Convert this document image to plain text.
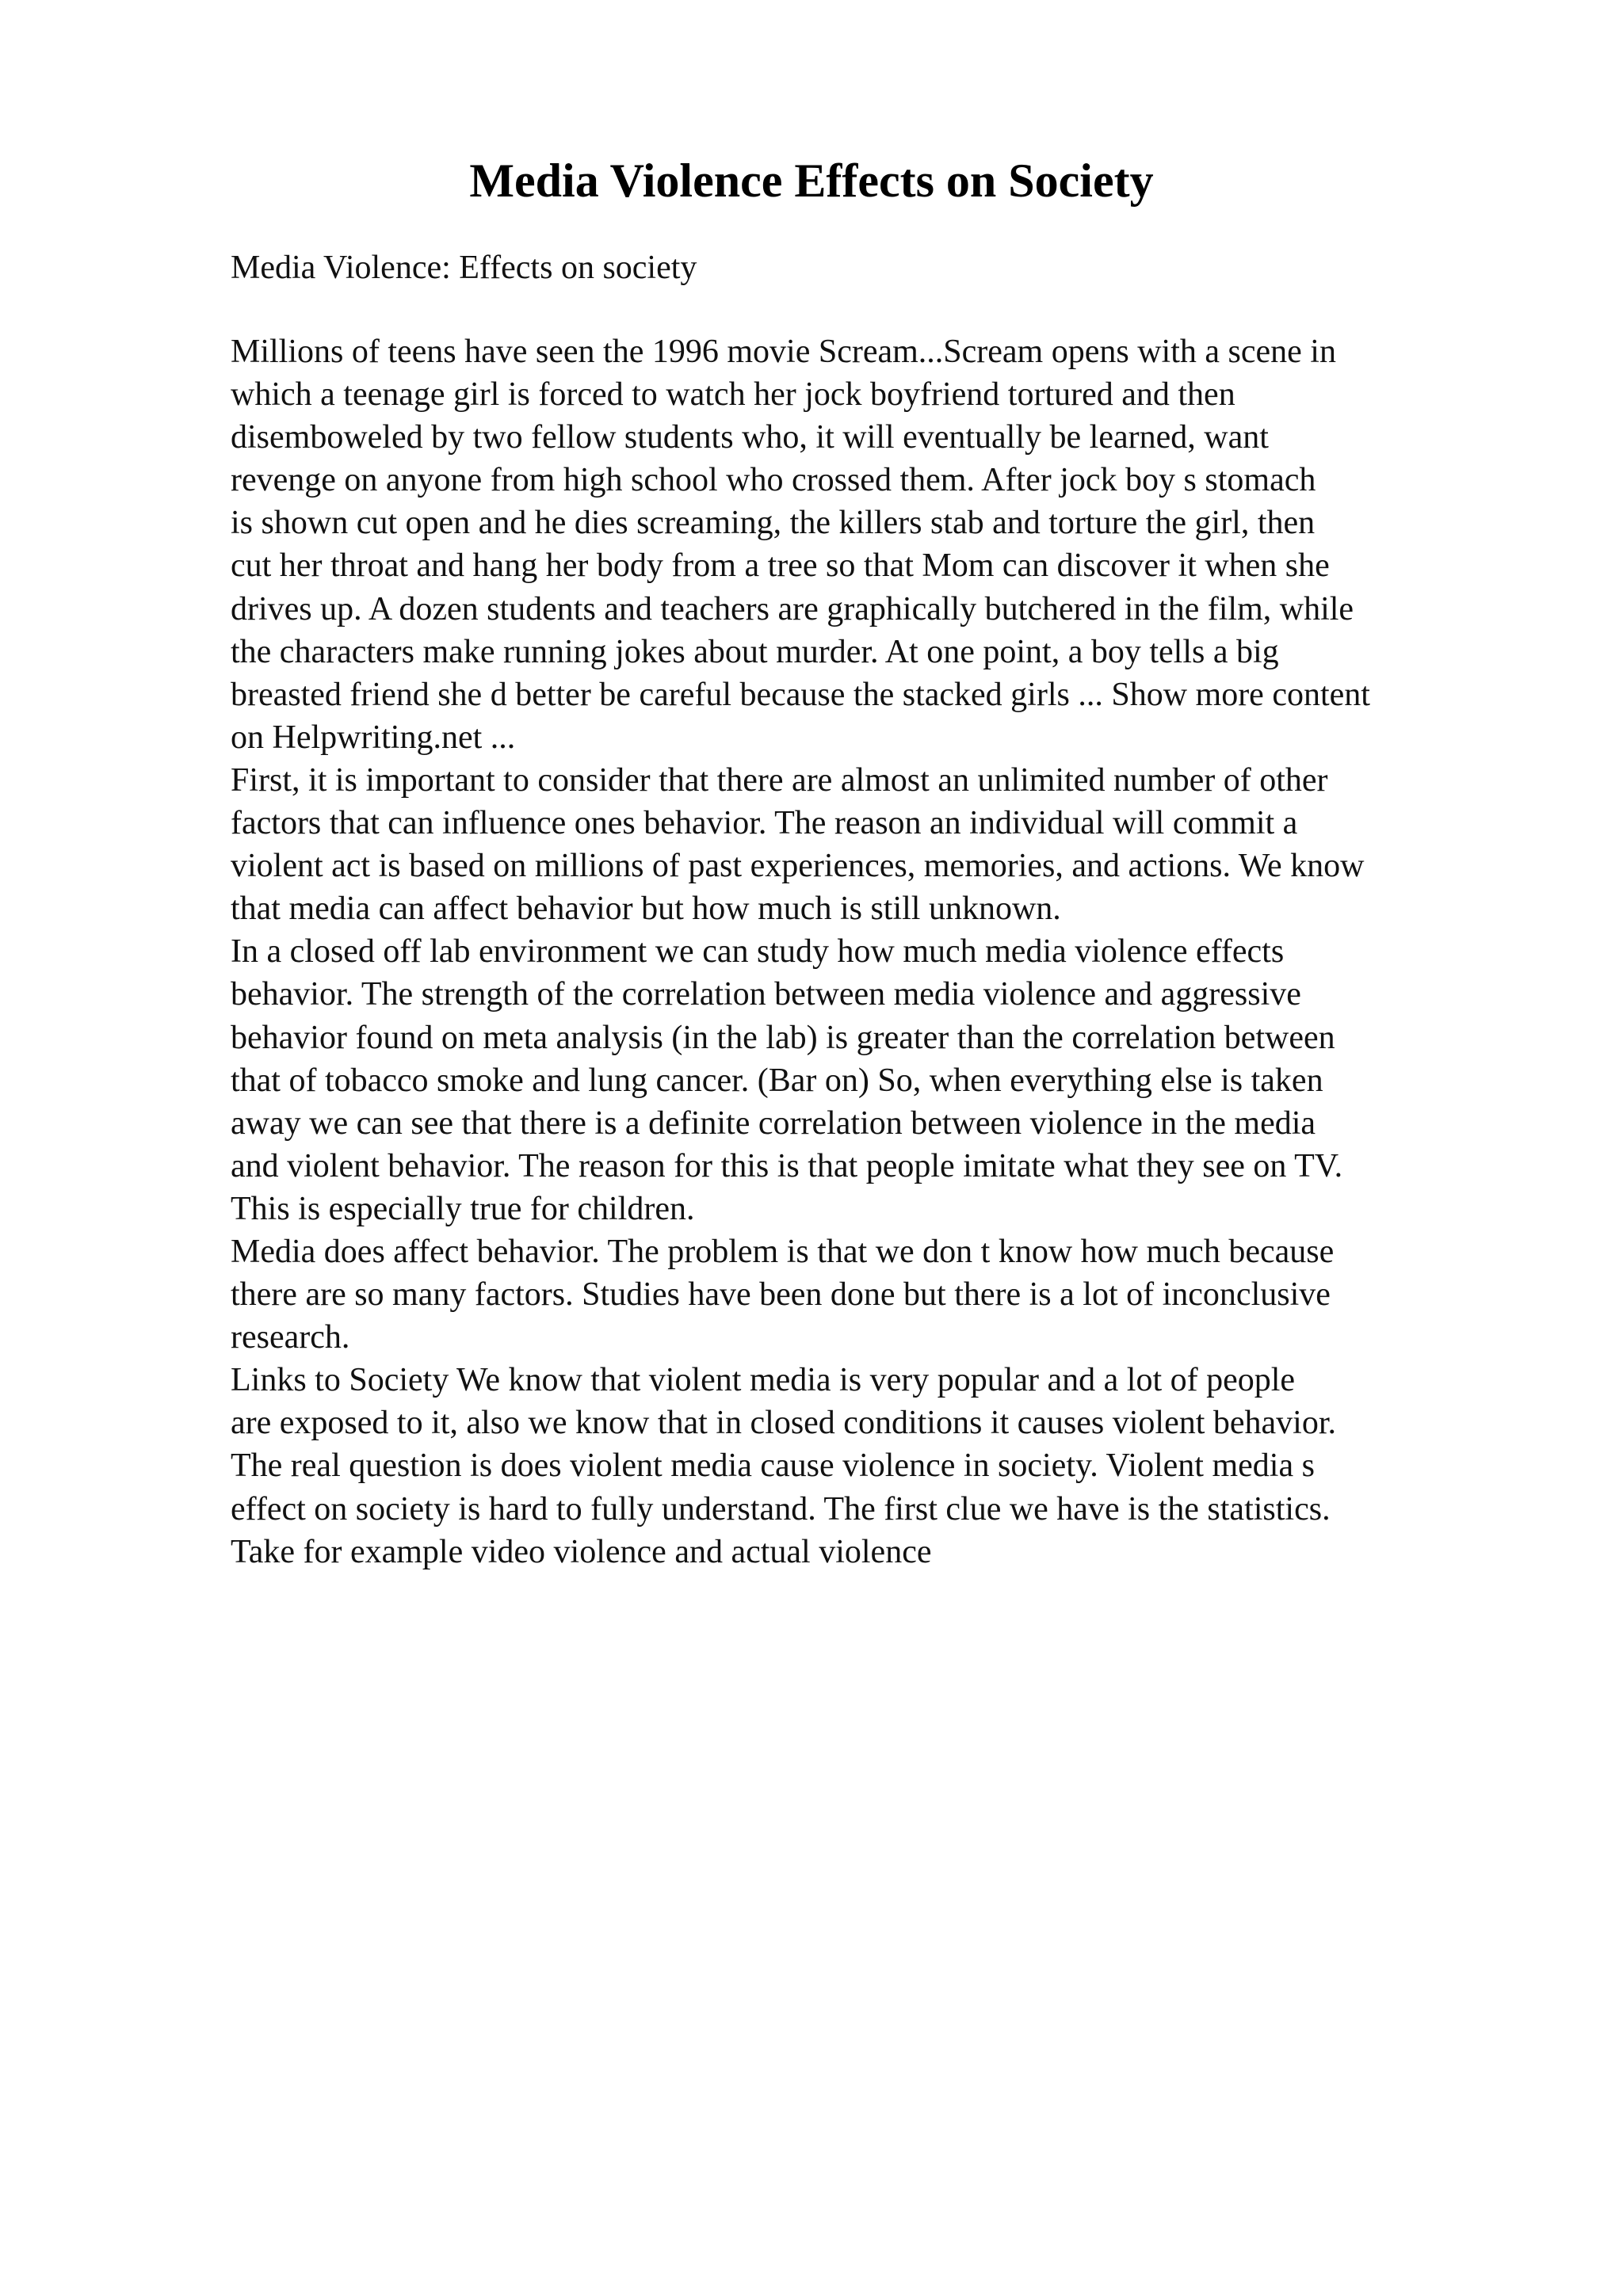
Media Violence Effects on Society

Media Violence: Effects on society

Millions of teens have seen the 1996 movie Scream...Scream opens with a scene in
which a teenage girl is forced to watch her jock boyfriend tortured and then
disemboweled by two fellow students who, it will eventually be learned, want
revenge on anyone from high school who crossed them. After jock boy s stomach
is shown cut open and he dies screaming, the killers stab and torture the girl, then
cut her throat and hang her body from a tree so that Mom can discover it when she
drives up. A dozen students and teachers are graphically butchered in the film, while
the characters make running jokes about murder. At one point, a boy tells a big
breasted friend she d better be careful because the stacked girls ... Show more content
on Helpwriting.net ...
First, it is important to consider that there are almost an unlimited number of other
factors that can influence ones behavior. The reason an individual will commit a
violent act is based on millions of past experiences, memories, and actions. We know
that media can affect behavior but how much is still unknown.
In a closed off lab environment we can study how much media violence effects
behavior. The strength of the correlation between media violence and aggressive
behavior found on meta analysis (in the lab) is greater than the correlation between
that of tobacco smoke and lung cancer. (Bar on) So, when everything else is taken
away we can see that there is a definite correlation between violence in the media
and violent behavior. The reason for this is that people imitate what they see on TV.
This is especially true for children.
Media does affect behavior. The problem is that we don t know how much because
there are so many factors. Studies have been done but there is a lot of inconclusive
research.
Links to Society We know that violent media is very popular and a lot of people
are exposed to it, also we know that in closed conditions it causes violent behavior.
The real question is does violent media cause violence in society. Violent media s
effect on society is hard to fully understand. The first clue we have is the statistics.
Take for example video violence and actual violence
